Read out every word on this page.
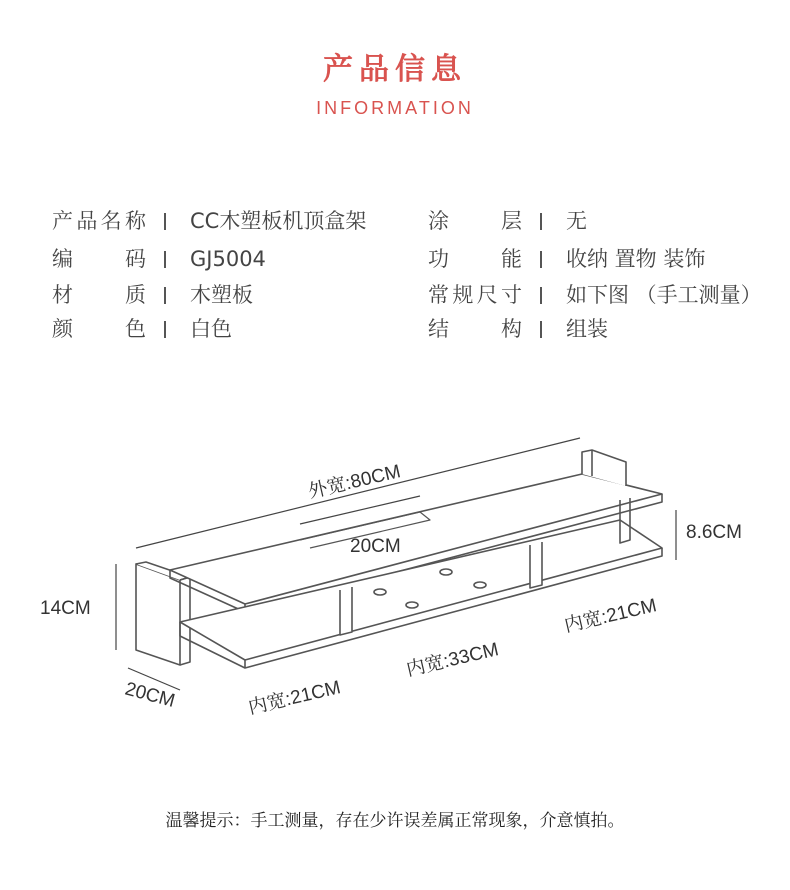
产品信息
INFORMATION
产品名称 CC木塑板机顶盒架
编码 GJ5004
材质 木塑板
颜色 白色
涂层 无
功能 收纳 置物 装饰
常规尺寸 如下图 （手工测量）
结构 组装
外宽:80CM
20CM
8.6CM
14CM
20CM	内宽:21CM
内宽:33CM
内宽:21CM
温馨提示：手工测量，存在少许误差属正常现象，介意慎拍。
